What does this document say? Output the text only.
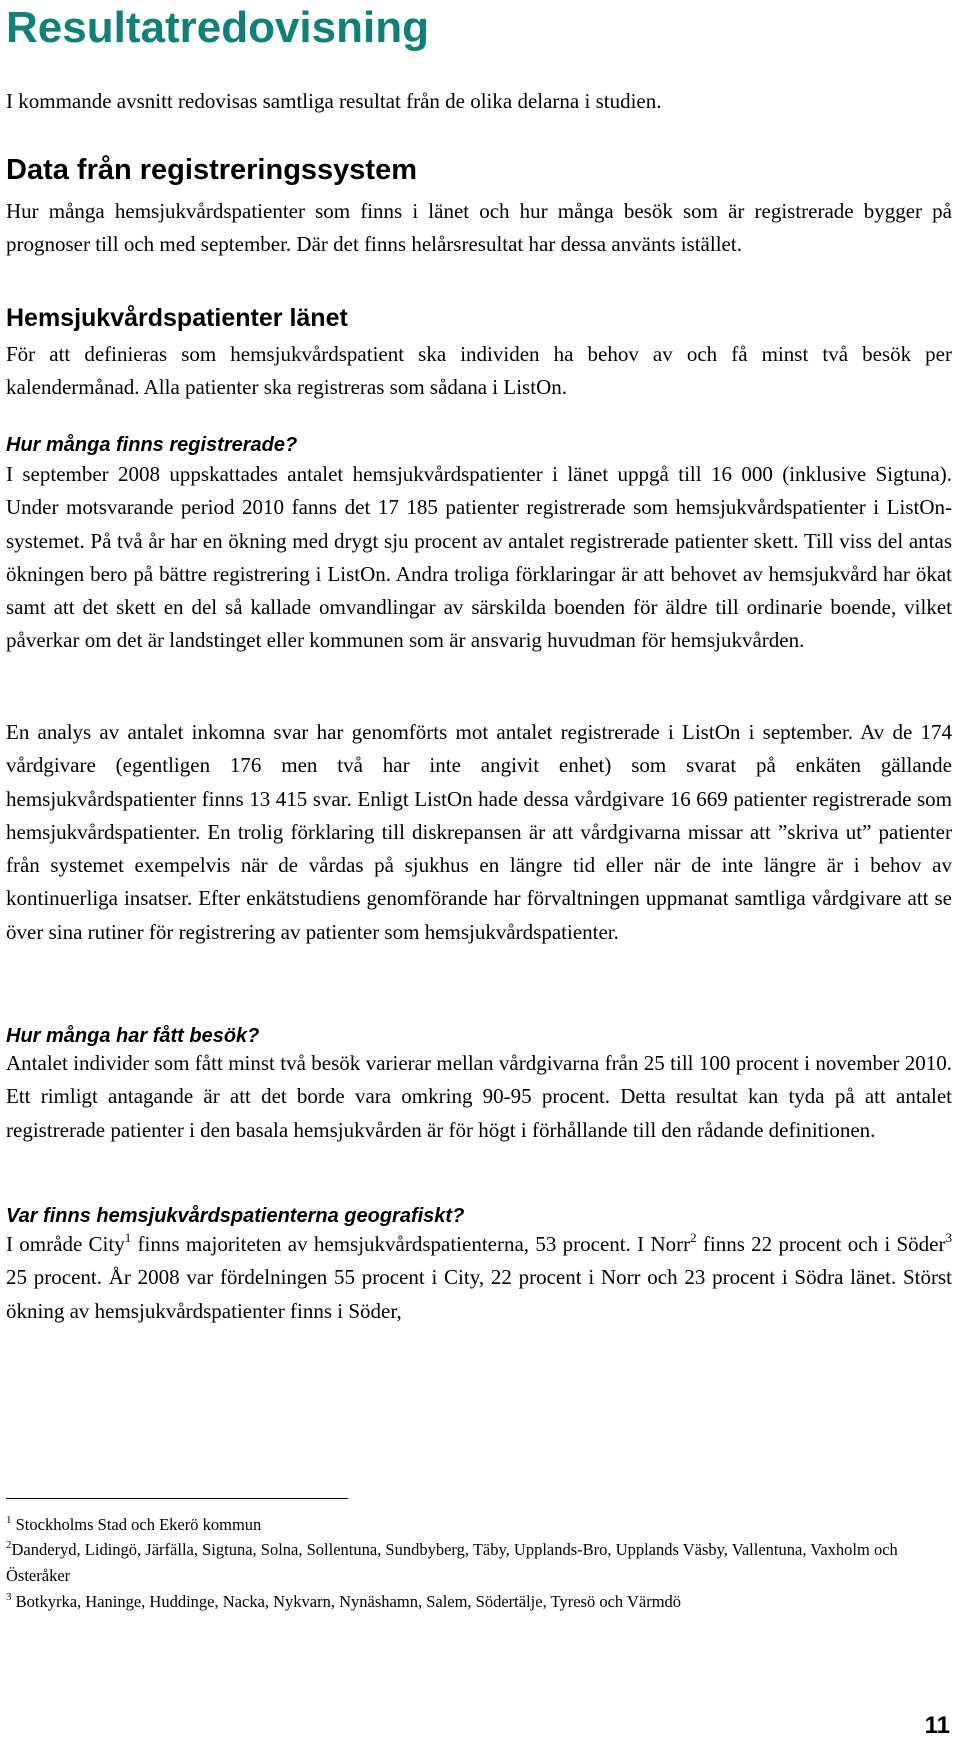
Resultatredovisning

I kommande avsnitt redovisas samtliga resultat från de olika delarna i studien.

Data från registreringssystem

Hur många hemsjukvårdspatienter som finns i länet och hur många besök som är registrerade bygger på prognoser till och med september. Där det finns helårsresultat har dessa använts istället.

Hemsjukvårdspatienter länet

För att definieras som hemsjukvårdspatient ska individen ha behov av och få minst två besök per kalendermånad. Alla patienter ska registreras som sådana i ListOn.

Hur många finns registrerade?

I september 2008 uppskattades antalet hemsjukvårdspatienter i länet uppgå till 16 000 (inklusive Sigtuna). Under motsvarande period 2010 fanns det 17 185 patienter registrerade som hemsjukvårdspatienter i ListOn-systemet. På två år har en ökning med drygt sju procent av antalet registrerade patienter skett. Till viss del antas ökningen bero på bättre registrering i ListOn. Andra troliga förklaringar är att behovet av hemsjukvård har ökat samt att det skett en del så kallade omvandlingar av särskilda boenden för äldre till ordinarie boende, vilket påverkar om det är landstinget eller kommunen som är ansvarig huvudman för hemsjukvården.

En analys av antalet inkomna svar har genomförts mot antalet registrerade i ListOn i september. Av de 174 vårdgivare (egentligen 176 men två har inte angivit enhet) som svarat på enkäten gällande hemsjukvårdspatienter finns 13 415 svar. Enligt ListOn hade dessa vårdgivare 16 669 patienter registrerade som hemsjukvårdspatienter. En trolig förklaring till diskrepansen är att vårdgivarna missar att ”skriva ut” patienter från systemet exempelvis när de vårdas på sjukhus en längre tid eller när de inte längre är i behov av kontinuerliga insatser. Efter enkätstudiens genomförande har förvaltningen uppmanat samtliga vårdgivare att se över sina rutiner för registrering av patienter som hemsjukvårdspatienter.

Hur många har fått besök?

Antalet individer som fått minst två besök varierar mellan vårdgivarna från 25 till 100 procent i november 2010. Ett rimligt antagande är att det borde vara omkring 90-95 procent. Detta resultat kan tyda på att antalet registrerade patienter i den basala hemsjukvården är för högt i förhållande till den rådande definitionen.

Var finns hemsjukvårdspatienterna geografiskt?

I område City$^1$ finns majoriteten av hemsjukvårdspatienterna, 53 procent. I Norr$^2$ finns 22 procent och i Söder$^3$ 25 procent. År 2008 var fördelningen 55 procent i City, 22 procent i Norr och 23 procent i Södra länet. Störst ökning av hemsjukvårdspatienter finns i Söder,

$^1$ Stockholms Stad och Ekerö kommun

$^2$Danderyd, Lidingö, Järfälla, Sigtuna, Solna, Sollentuna, Sundbyberg, Täby, Upplands-Bro, Upplands Väsby, Vallentuna, Vaxholm och Österåker

$^3$ Botkyrka, Haninge, Huddinge, Nacka, Nykvarn, Nynäshamn, Salem, Södertälje, Tyresö och Värmdö

11
